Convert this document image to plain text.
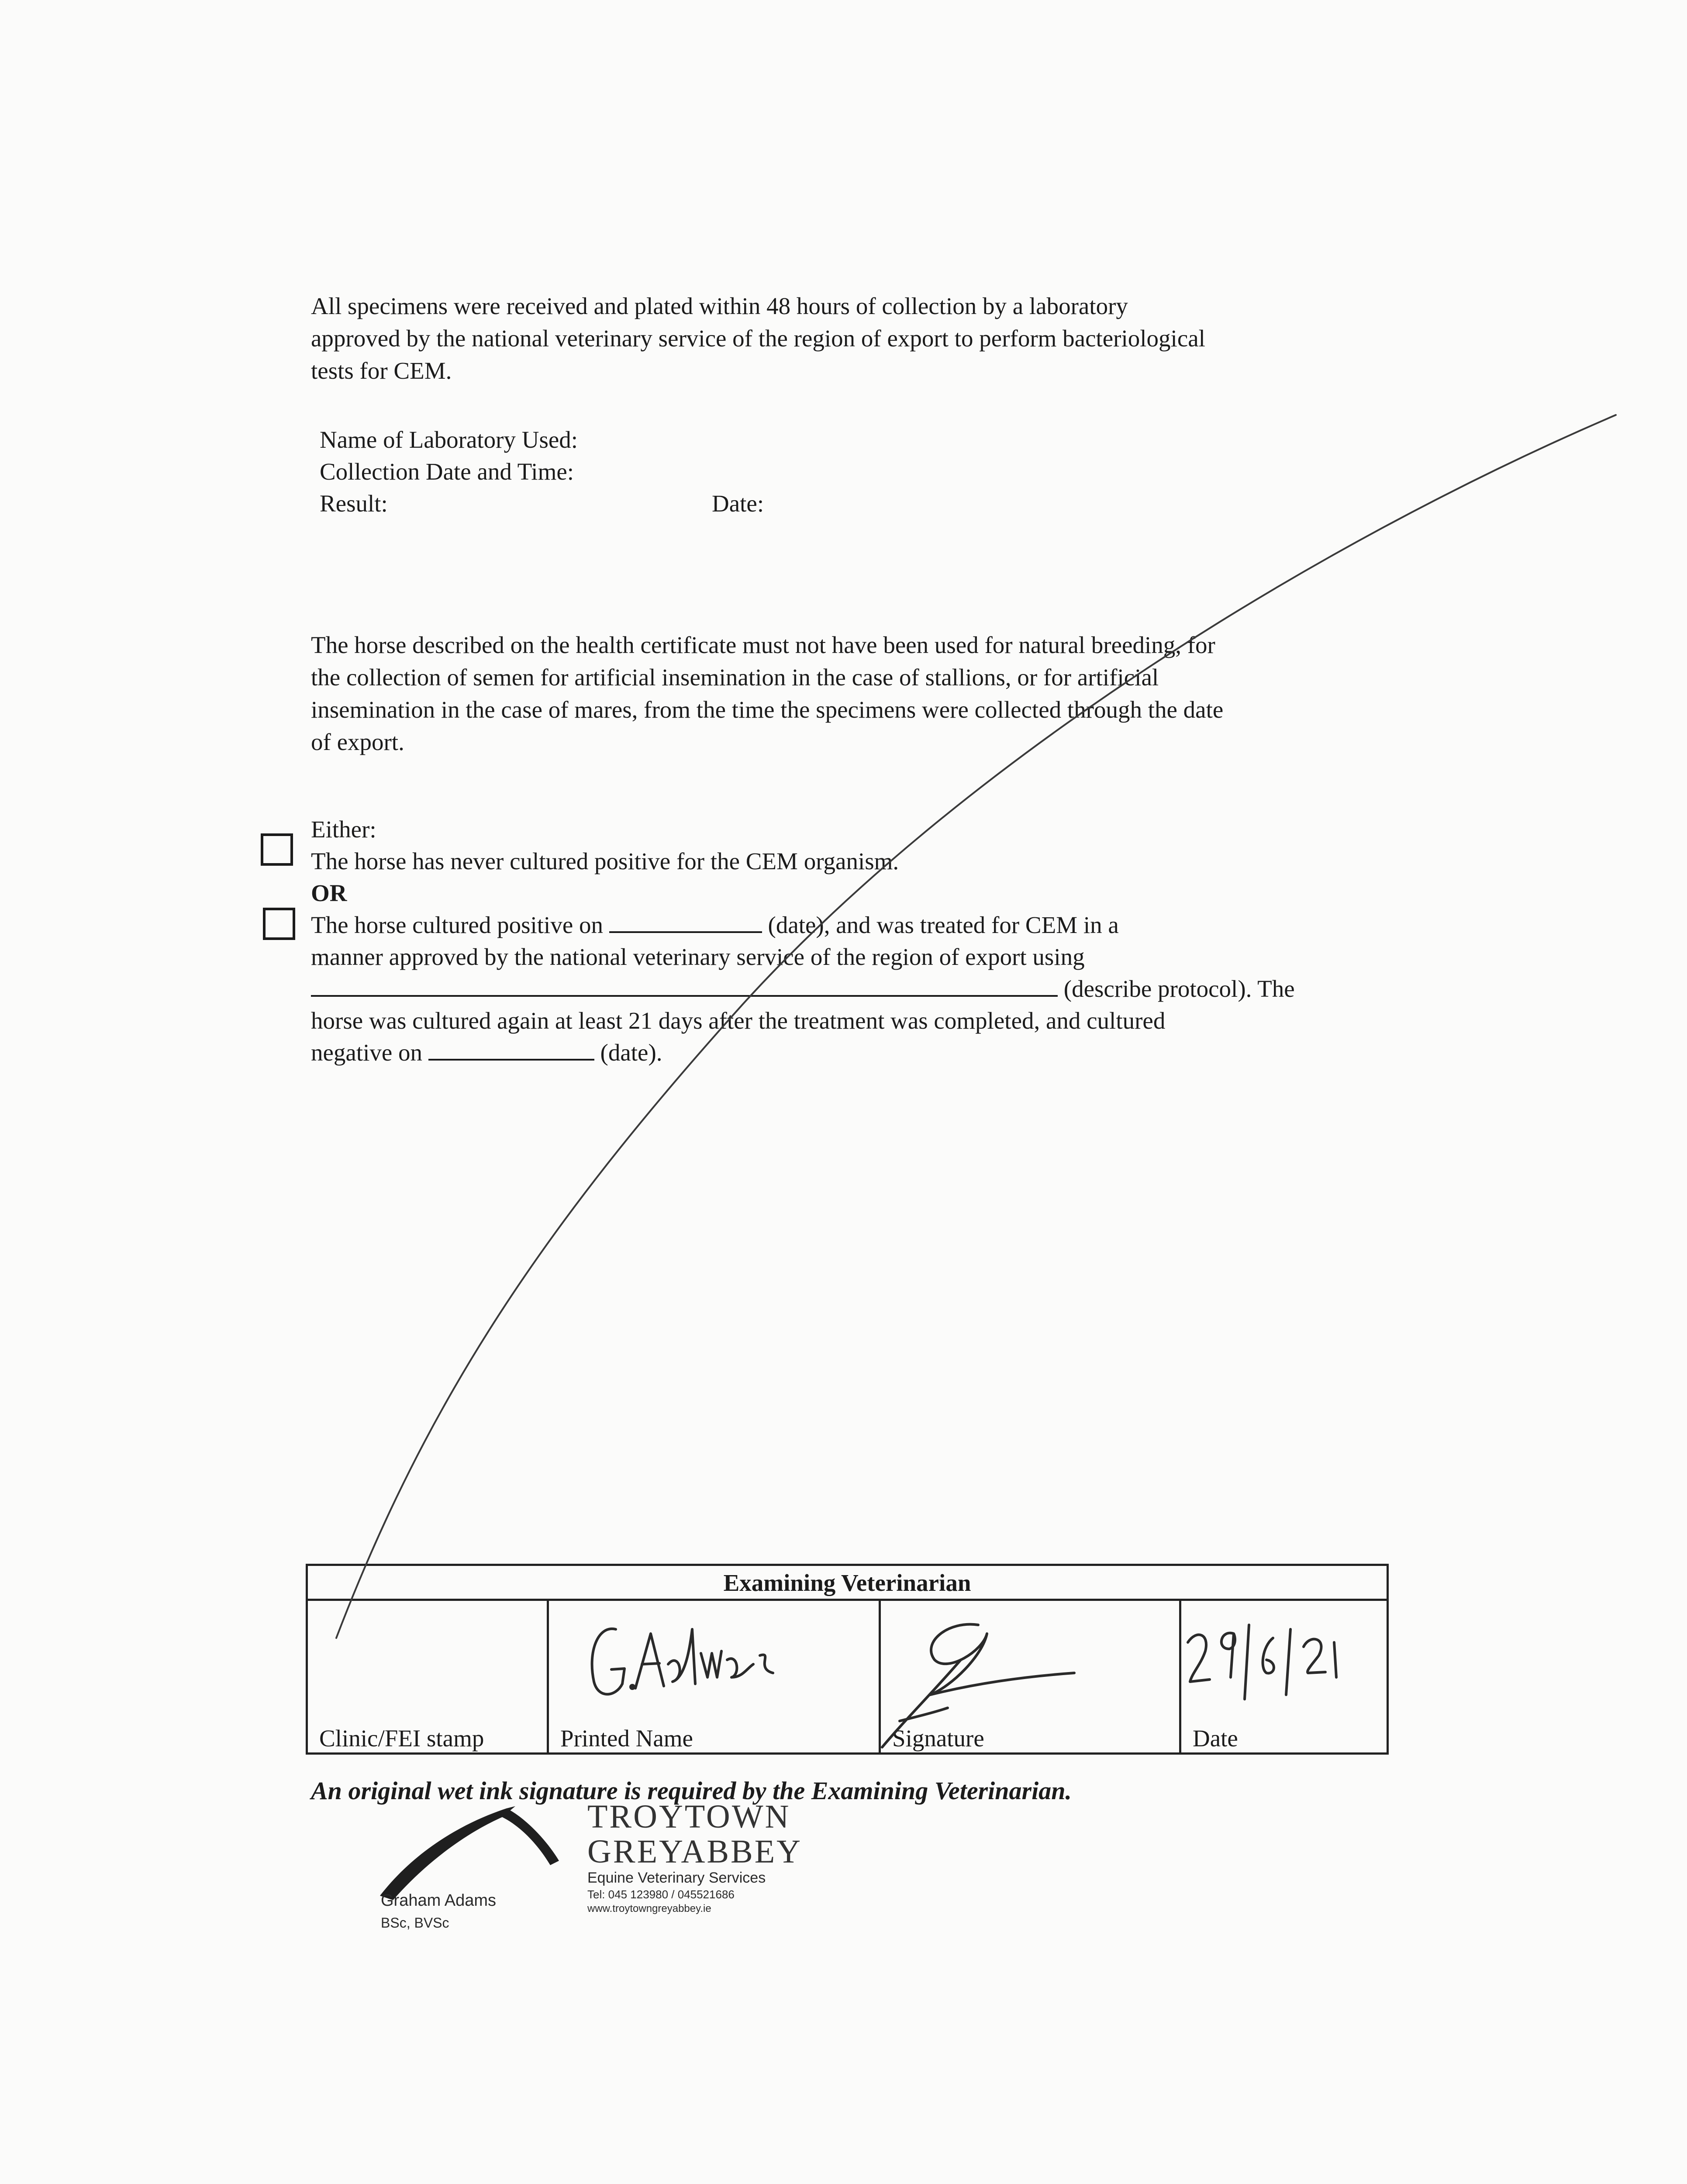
All specimens were received and plated within 48 hours of collection by a laboratory
approved by the national veterinary service of the region of export to perform bacteriological
tests for CEM.
Name of Laboratory Used:
Collection Date and Time:
Result:	Date:
The horse described on the health certificate must not have been used for natural breeding, for
the collection of semen for artificial insemination in the case of stallions, or for artificial
insemination in the case of mares, from the time the specimens were collected through the date
of export.
Either:
The horse has never cultured positive for the CEM organism.
OR
The horse cultured positive on	(date), and was treated for CEM in a
manner approved by the national veterinary service of the region of export using
(describe protocol). The
horse was cultured again at least 21 days after the treatment was completed, and cultured
negative on	(date).
Examining Veterinarian
Clinic/FEI stamp	Printed Name	Signature	Date
An original wet ink signature is required by the Examining Veterinarian.
TROYTOWN
GREYABBEY
Equine Veterinary Services
Tel: 045 123980 / 045521686
www.troytowngreyabbey.ie
Graham Adams
BSc, BVSc
